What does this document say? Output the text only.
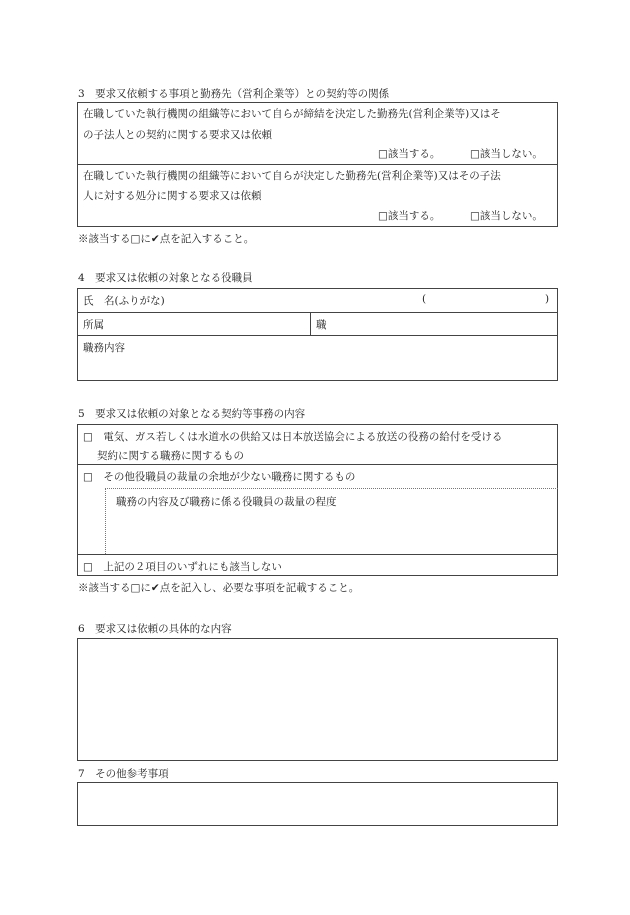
3　要求又依頼する事項と勤務先（営利企業等）との契約等の関係
在職していた執行機関の組織等において自らが締結を決定した勤務先(営利企業等)又はそ
の子法人との契約に関する要求又は依頼
□該当する。	□該当しない。
在職していた執行機関の組織等において自らが決定した勤務先(営利企業等)又はその子法
人に対する処分に関する要求又は依頼
□該当する。	□該当しない。
※該当する□に✔点を記入すること。
4　要求又は依頼の対象となる役職員
氏　名(ふりがな)	(	)
所属	職
職務内容
5　要求又は依頼の対象となる契約等事務の内容
□　電気、ガス若しくは水道水の供給又は日本放送協会による放送の役務の給付を受ける
契約に関する職務に関するもの
□　その他役職員の裁量の余地が少ない職務に関するもの
職務の内容及び職務に係る役職員の裁量の程度
□　上記の２項目のいずれにも該当しない
※該当する□に✔点を記入し、必要な事項を記載すること。
6　要求又は依頼の具体的な内容
7　その他参考事項
